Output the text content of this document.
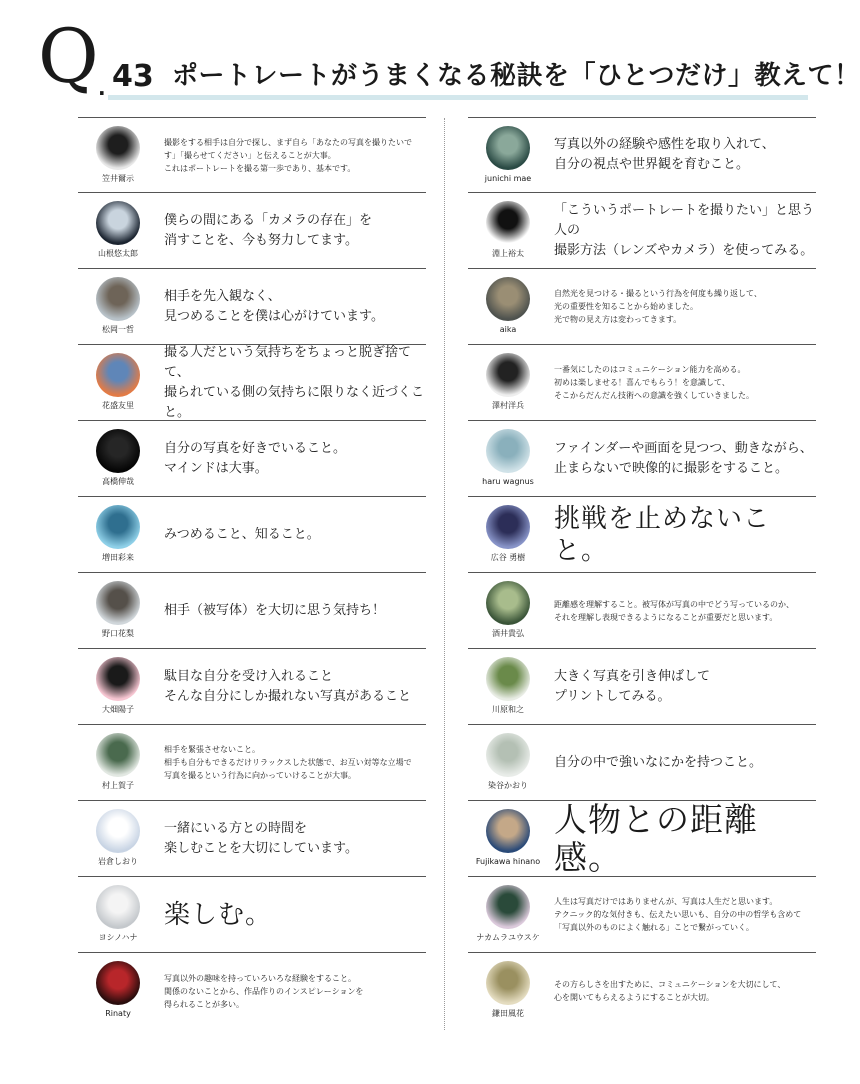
Q . 43 ポートレートがうまくなる秘訣を「ひとつだけ」教えて！
笠井爾示
撮影をする相手は自分で探し、まず自ら「あなたの写真を撮りたいで
す」「撮らせてください」と伝えることが大事。
これはポートレートを撮る第一歩であり、基本です。
山根悠太郎
僕らの間にある「カメラの存在」を
消すことを、今も努力してます。
松岡一哲
相手を先入観なく、
見つめることを僕は心がけています。
花盛友里
撮る人だという気持ちをちょっと脱ぎ捨てて、
撮られている側の気持ちに限りなく近づくこと。
高橋伸哉
自分の写真を好きでいること。
マインドは大事。
増田彩来
みつめること、知ること。
野口花梨
相手（被写体）を大切に思う気持ち！
大畑陽子
駄目な自分を受け入れること
そんな自分にしか撮れない写真があること
村上賀子
相手を緊張させないこと。
相手も自分もできるだけリラックスした状態で、お互い対等な立場で
写真を撮るという行為に向かっていけることが大事。
岩倉しおり
一緒にいる方との時間を
楽しむことを大切にしています。
ヨシノハナ
楽しむ。
Rinaty
写真以外の趣味を持っていろいろな経験をすること。
関係のないことから、作品作りのインスピレーションを
得られることが多い。
junichi mae
写真以外の経験や感性を取り入れて、
自分の視点や世界観を育むこと。
淵上裕太
「こういうポートレートを撮りたい」と思う人の
撮影方法（レンズやカメラ）を使ってみる。
aika
自然光を見つける・撮るという行為を何度も繰り返して、
光の重要性を知ることから始めました。
光で物の見え方は変わってきます。
澤村洋兵
一番気にしたのはコミュニケーション能力を高める。
初めは楽しませる！喜んでもらう！を意識して、
そこからだんだん技術への意識を強くしていきました。
haru wagnus
ファインダーや画面を見つつ、動きながら、
止まらないで映像的に撮影をすること。
広谷 勇樹
挑戦を止めないこと。
酒井貴弘
距離感を理解すること。被写体が写真の中でどう写っているのか、
それを理解し表現できるようになることが重要だと思います。
川原和之
大きく写真を引き伸ばして
プリントしてみる。
染谷かおり
自分の中で強いなにかを持つこと。
Fujikawa hinano
人物との距離感。
ナカムラユウスケ
人生は写真だけではありませんが、写真は人生だと思います。
テクニック的な気付きも、伝えたい思いも、自分の中の哲学も含めて
「写真以外のものによく触れる」ことで繋がっていく。
鎌田風花
その方らしさを出すために、コミュニケーションを大切にして、
心を開いてもらえるようにすることが大切。
